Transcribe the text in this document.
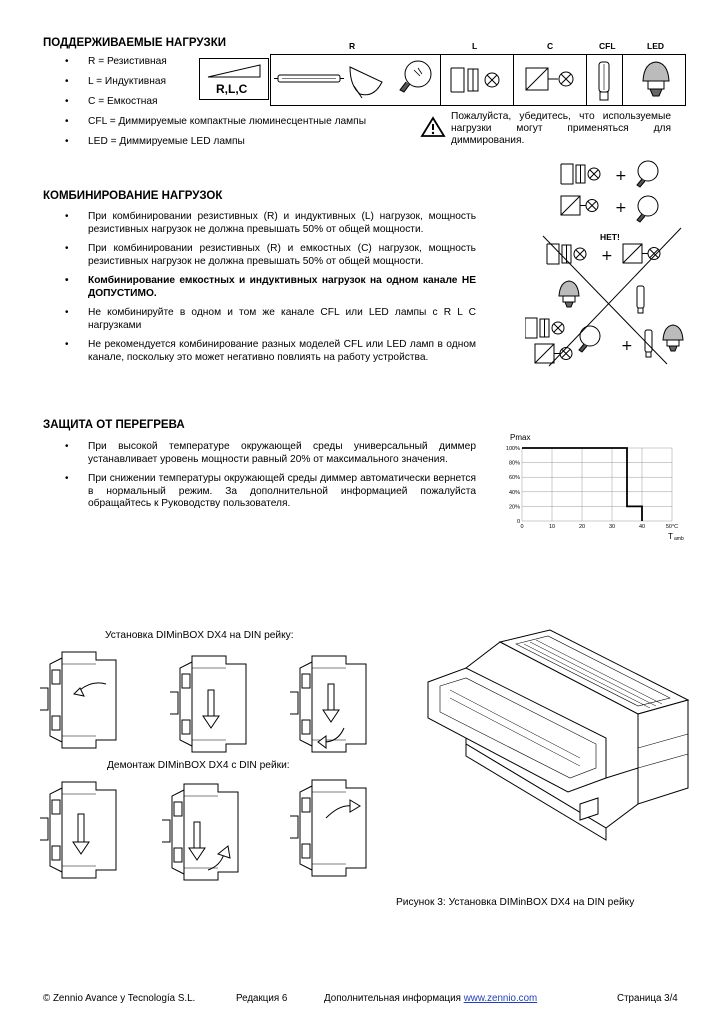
ПОДДЕРЖИВАЕМЫЕ НАГРУЗКИ
• R = Резистивная
• L = Индуктивная
• C = Емкостная
• CFL = Диммируемые компактные люминесцентные лампы
• LED = Диммируемые LED лампы
R,L,C
R	L	C	CFL	LED
Пожалуйста, убедитесь, что используемые нагрузки могут применяться для диммирования.
КОМБИНИРОВАНИЕ НАГРУЗОК
• При комбинировании резистивных (R) и индуктивных (L) нагрузок, мощность резистивных нагрузок не должна превышать 50% от общей мощности.
• При комбинировании резистивных (R) и емкостных (C) нагрузок, мощность резистивных нагрузок не должна превышать 50% от общей мощности.
• Комбинирование емкостных и индуктивных нагрузок на одном канале НЕ ДОПУСТИМО.
• Не комбинируйте в одном и том же канале CFL или LED лампы с R L C нагрузками
• Не рекомендуется комбинирование разных моделей CFL или LED ламп в одном канале, поскольку это может негативно повлиять на работу устройства.
+
+
+
+
НЕТ!
ЗАЩИТА ОТ ПЕРЕГРЕВА
• При высокой температуре окружающей среды универсальный диммер устанавливает уровень мощности равный 20% от максимального значения.
• При снижении температуры окружающей среды диммер автоматически вернется в нормальный режим. За дополнительной информацией пожалуйста обращайтесь к Руководству пользователя.
0
20%
40%
60%
80%
100%
0	10	20	30	40	50°C
Pmax
T amb
Установка DIMinBOX DX4 на DIN рейку:
Демонтаж DIMinBOX DX4 с DIN рейки:
Рисунок 3: Установка DIMinBOX DX4 на DIN рейку
© Zennio Avance y Tecnología S.L.	Редакция 6	Дополнительная информация www.zennio.com	Страница 3/4
